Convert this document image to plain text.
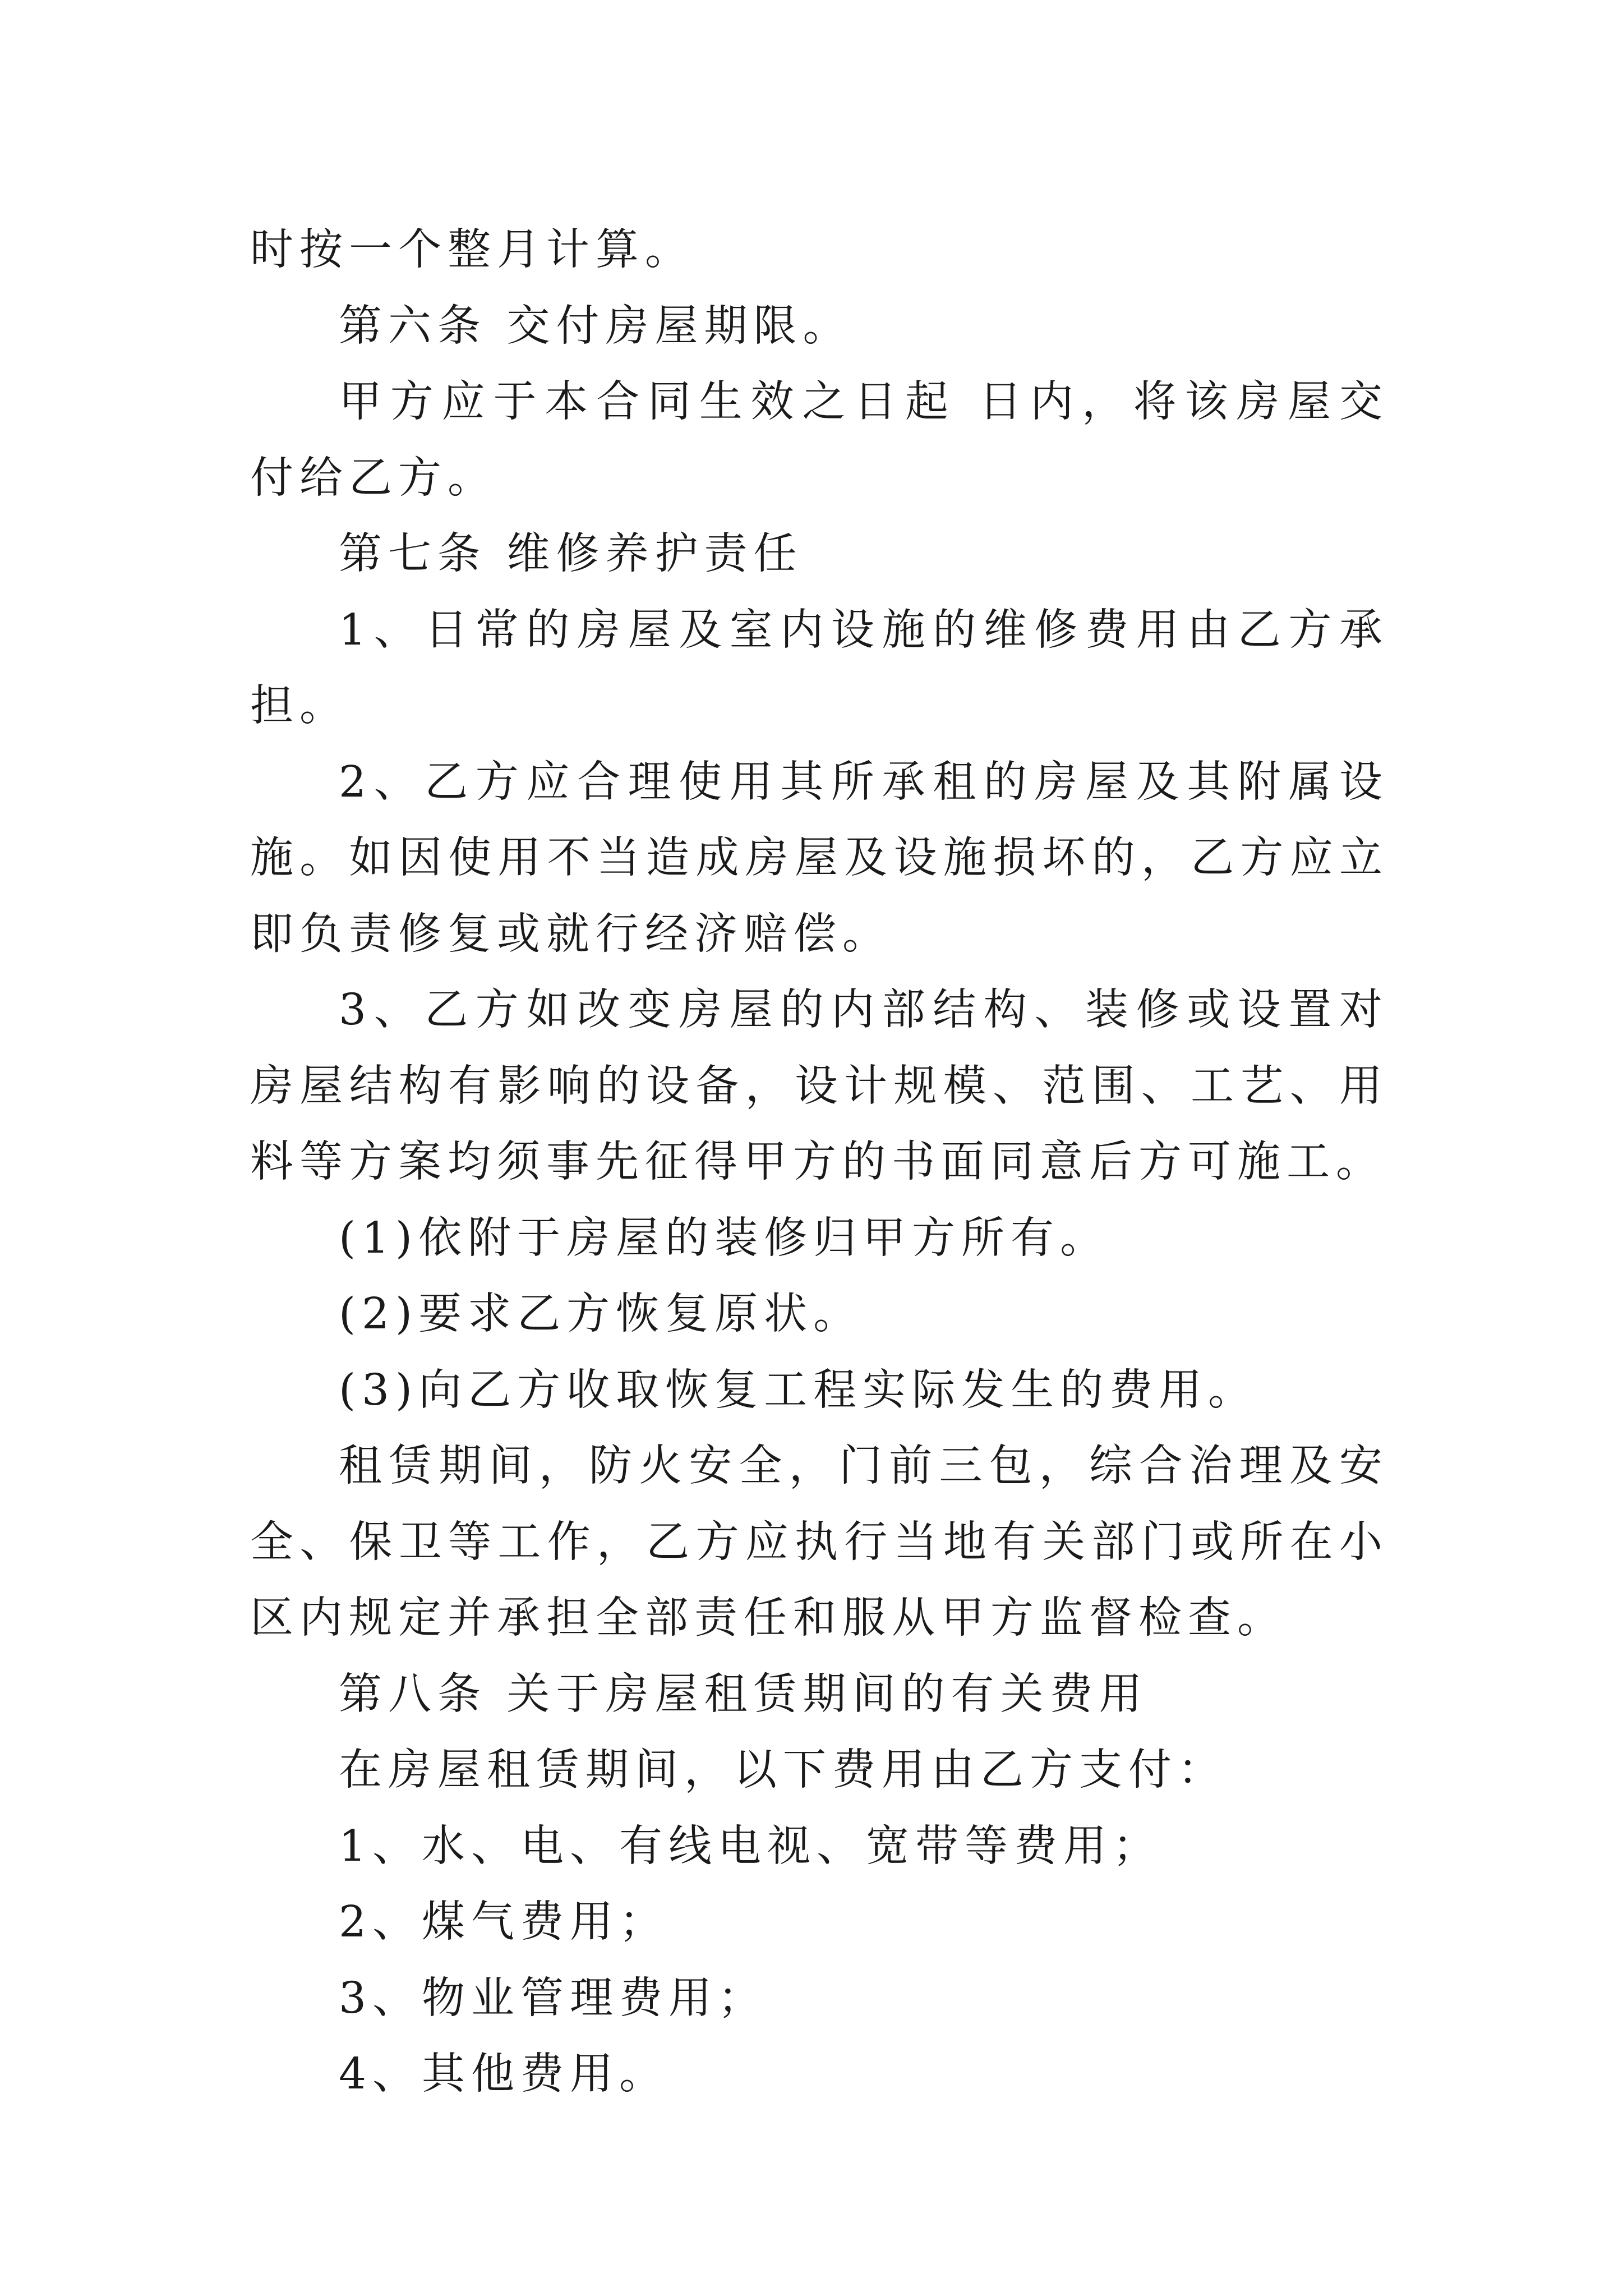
时按一个整月计算。

第六条 交付房屋期限。

甲方应于本合同生效之日起 日内，将该房屋交付给乙方。

第七条 维修养护责任

1、日常的房屋及室内设施的维修费用由乙方承担。

2、乙方应合理使用其所承租的房屋及其附属设施。如因使用不当造成房屋及设施损坏的，乙方应立即负责修复或就行经济赔偿。

3、乙方如改变房屋的内部结构、装修或设置对房屋结构有影响的设备，设计规模、范围、工艺、用料等方案均须事先征得甲方的书面同意后方可施工。

(1)依附于房屋的装修归甲方所有。

(2)要求乙方恢复原状。

(3)向乙方收取恢复工程实际发生的费用。

租赁期间，防火安全，门前三包，综合治理及安全、保卫等工作，乙方应执行当地有关部门或所在小区内规定并承担全部责任和服从甲方监督检查。

第八条 关于房屋租赁期间的有关费用

在房屋租赁期间，以下费用由乙方支付：

1、水、电、有线电视、宽带等费用；

2、煤气费用；

3、物业管理费用；

4、其他费用。
